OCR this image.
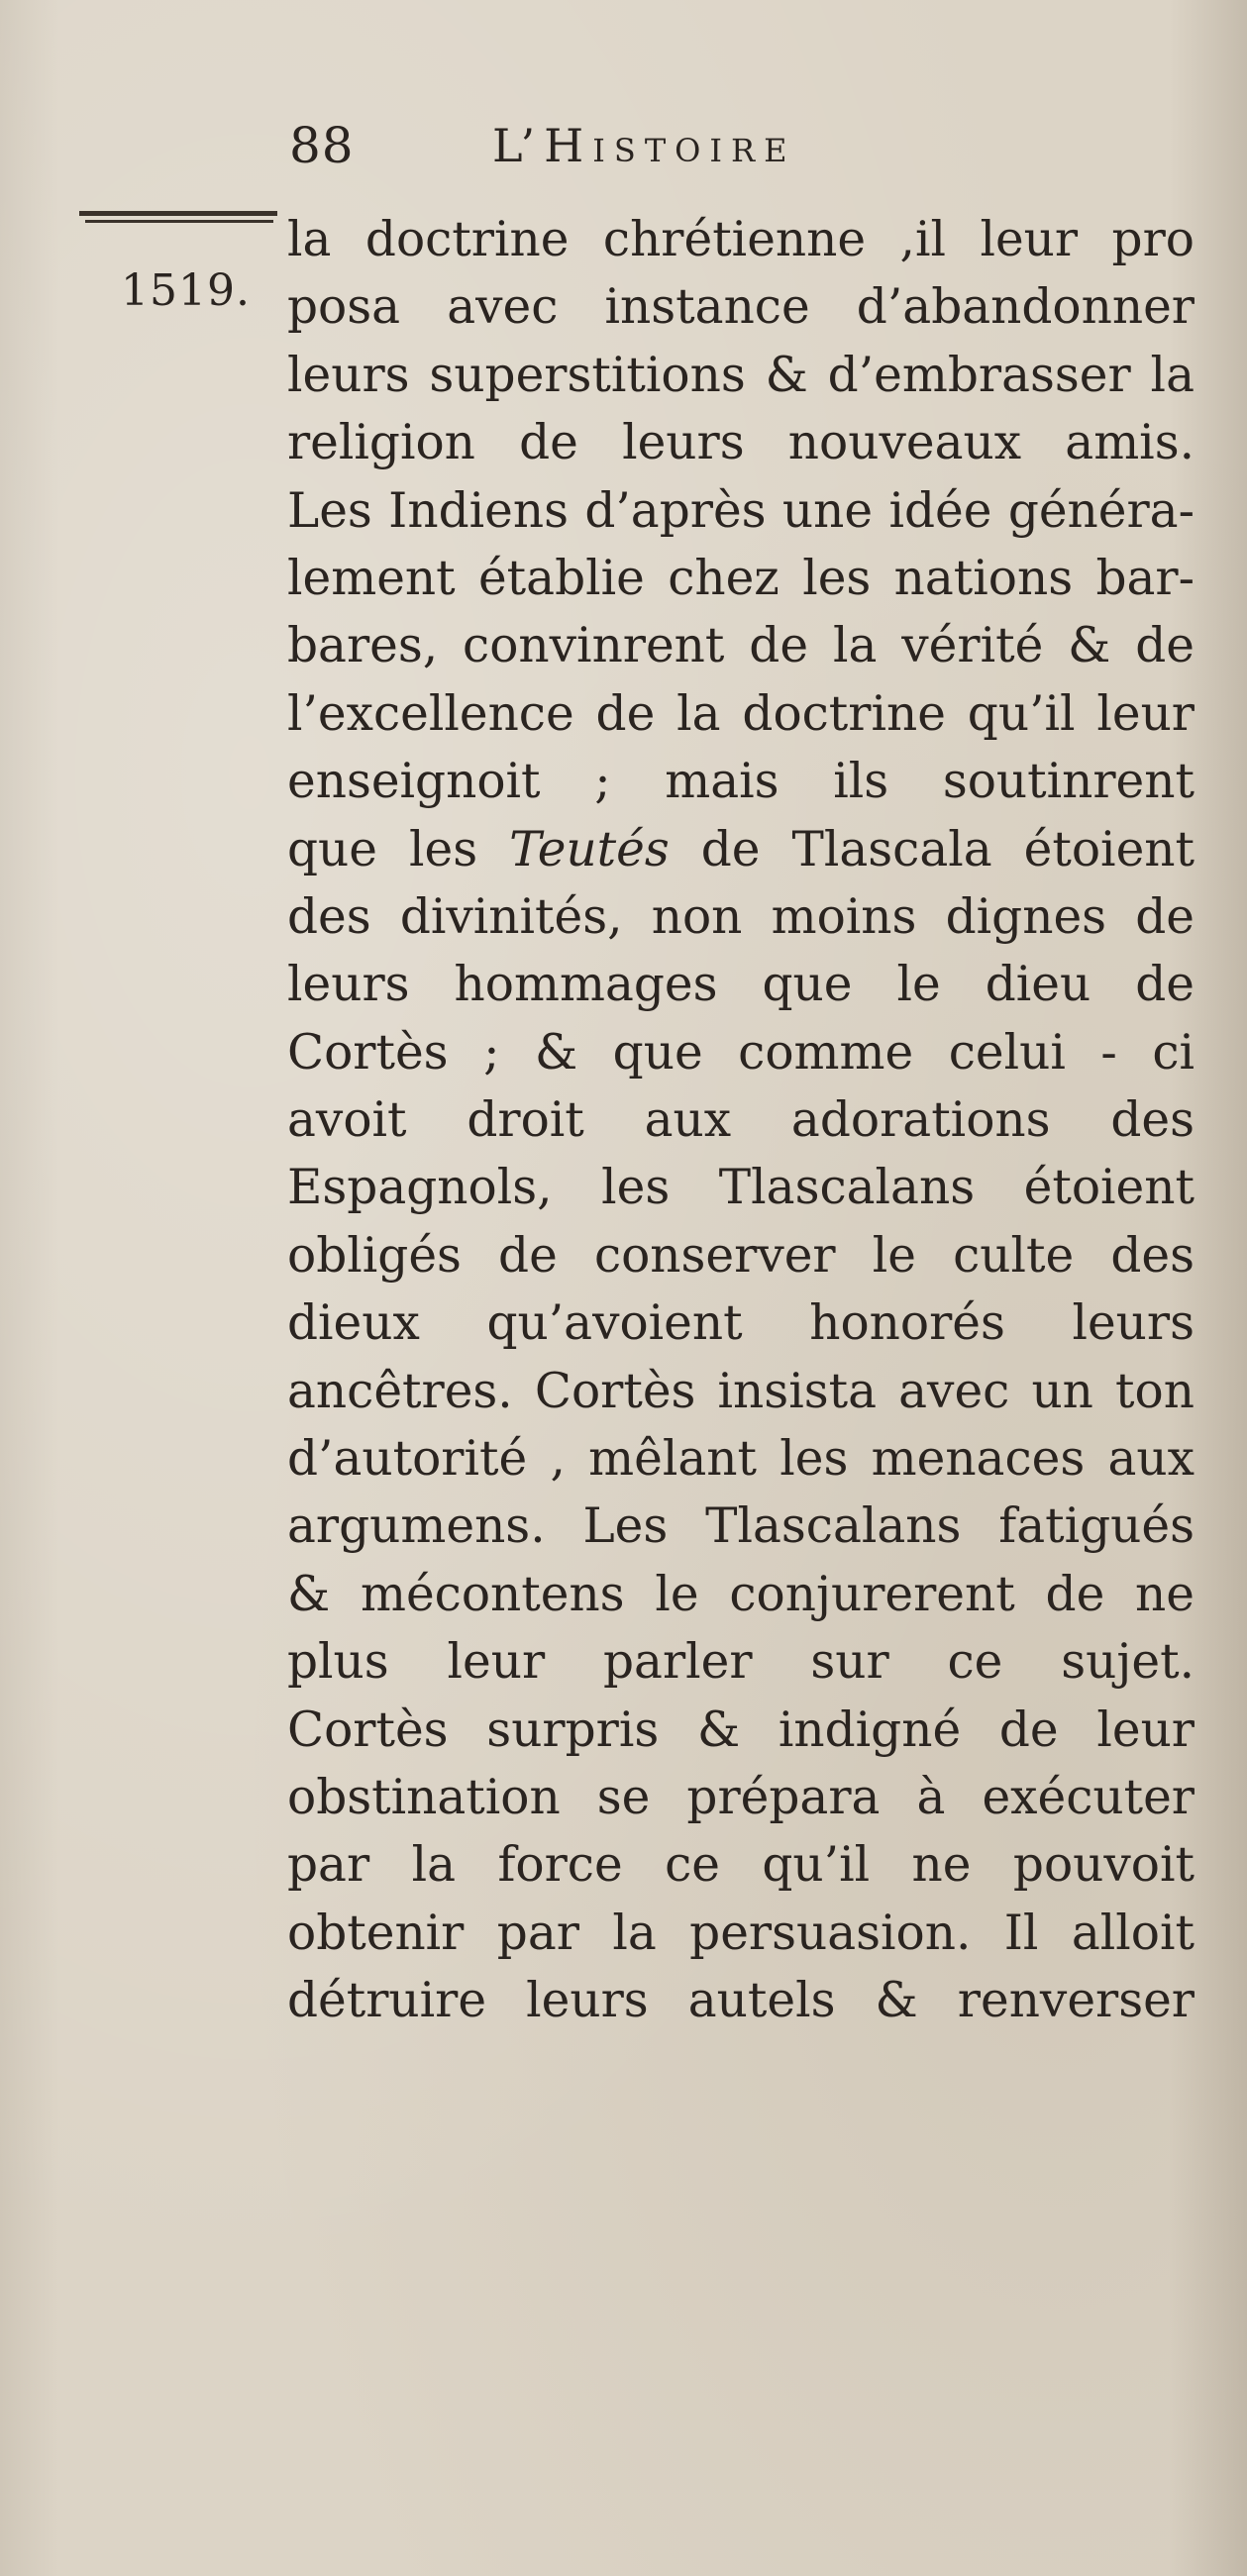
88	L’Histoire
1519.
la doctrine chrétienne ,il leur pro
posa avec instance d’abandonner
leurs superstitions & d’embrasser la
religion de leurs nouveaux amis.
Les Indiens d’après une idée généra-
lement établie chez les nations bar-
bares, convinrent de la vérité & de
l’excellence de la doctrine qu’il leur
enseignoit ; mais ils soutinrent
que les Teutés de Tlascala étoient
des divinités, non moins dignes de
leurs hommages que le dieu de
Cortès ; & que comme celui - ci
avoit droit aux adorations des
Espagnols, les Tlascalans étoient
obligés de conserver le culte des
dieux qu’avoient honorés leurs
ancêtres. Cortès insista avec un ton
d’autorité , mêlant les menaces aux
argumens. Les Tlascalans fatigués
& mécontens le conjurerent de ne
plus leur parler sur ce sujet.
Cortès surpris & indigné de leur
obstination se prépara à exécuter
par la force ce qu’il ne pouvoit
obtenir par la persuasion. Il alloit
détruire leurs autels & renverser
